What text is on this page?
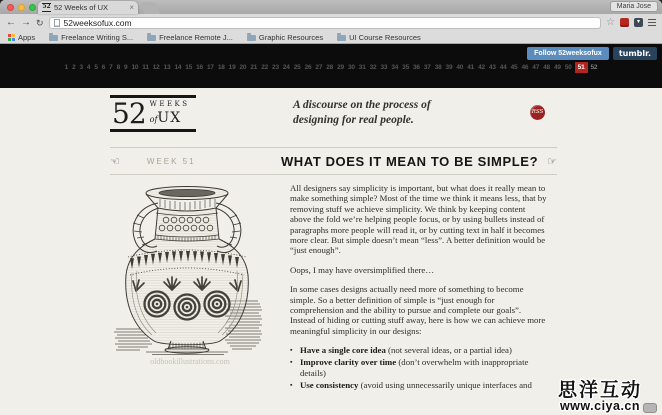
52 52 Weeks of UX	×	Maria Jose
← → ↻ 52weeksofux.com	☆	▾
Apps	Freelance Writing S...	Freelance Remote J...	Graphic Resources	UI Course Resources
Follow 52weeksofux	tumblr.
1 2 3 4 5 6 7 8 9 10 11 12 13 14 15 16 17 18 19 20 21 22 23 24 25 26 27 28 29 30 31 32 33 34 35 36 37 38 39 40 41 42 43 44 45 46 47 48 49 50 51 52
52 WEEKS
ofUX
A discourse on the process of
designing for real people.
RSS
☜	WEEK 51	WHAT DOES IT MEAN TO BE SIMPLE? ☞
oldbookillustrations.com

All designers say simplicity is important, but what does it really mean to make something simple? Most of the time we think it means less, that by removing stuff we achieve simplicity. We think by keeping content above the fold we’re helping people focus, or by using bullets instead of paragraphs more people will read it, or by cutting text in half it becomes more clear. But simple doesn’t mean “less”. A better definition would be “just enough”.

Oops, I may have oversimplified there…

In some cases designs actually need more of something to become simple. So a better definition of simple is “just enough for comprehension and the ability to pursue and complete our goals”. Instead of hiding or cutting stuff away, here is how we can achieve more meaningful simplicity in our designs:

▪ Have a single core idea (not several ideas, or a partial idea)
▪ Improve clarity over time (don’t overwhelm with inappropriate details)
▪ Use consistency (avoid using unnecessarily unique interfaces and	思洋互动
www.ciya.cn
